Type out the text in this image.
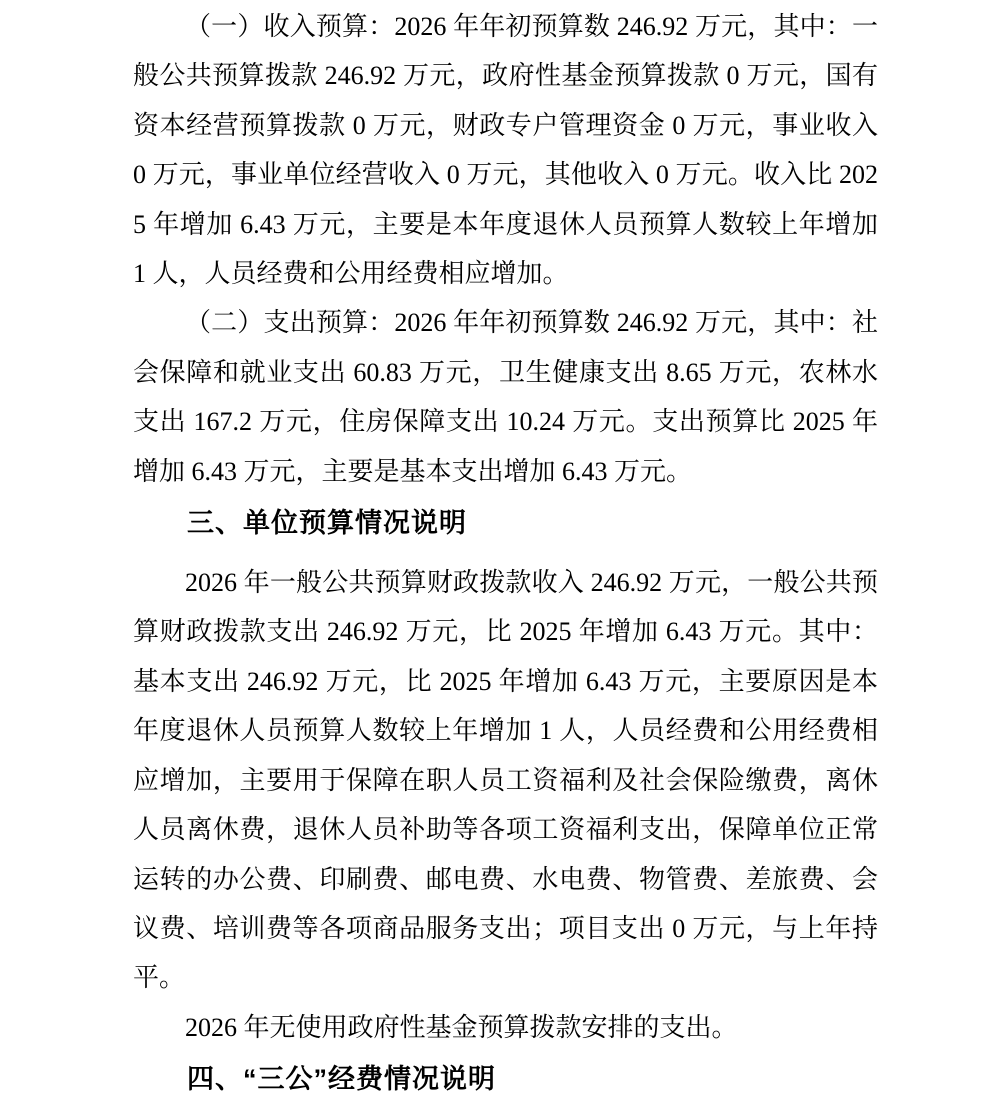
（一）收入预算：2026 年年初预算数 246.92 万元，其中：一般公共预算拨款 246.92 万元，政府性基金预算拨款 0 万元，国有资本经营预算拨款 0 万元，财政专户管理资金 0 万元，事业收入 0 万元，事业单位经营收入 0 万元，其他收入 0 万元。收入比 2025 年增加 6.43 万元，主要是本年度退休人员预算人数较上年增加 1 人，人员经费和公用经费相应增加。

（二）支出预算：2026 年年初预算数 246.92 万元，其中：社会保障和就业支出 60.83 万元，卫生健康支出 8.65 万元，农林水支出 167.2 万元，住房保障支出 10.24 万元。支出预算比 2025 年增加 6.43 万元，主要是基本支出增加 6.43 万元。

三、单位预算情况说明

2026 年一般公共预算财政拨款收入 246.92 万元，一般公共预算财政拨款支出 246.92 万元，比 2025 年增加 6.43 万元。其中：基本支出 246.92 万元，比 2025 年增加 6.43 万元，主要原因是本年度退休人员预算人数较上年增加 1 人，人员经费和公用经费相应增加，主要用于保障在职人员工资福利及社会保险缴费，离休人员离休费，退休人员补助等各项工资福利支出，保障单位正常运转的办公费、印刷费、邮电费、水电费、物管费、差旅费、会议费、培训费等各项商品服务支出；项目支出 0 万元，与上年持平。

2026 年无使用政府性基金预算拨款安排的支出。

四、“三公”经费情况说明
